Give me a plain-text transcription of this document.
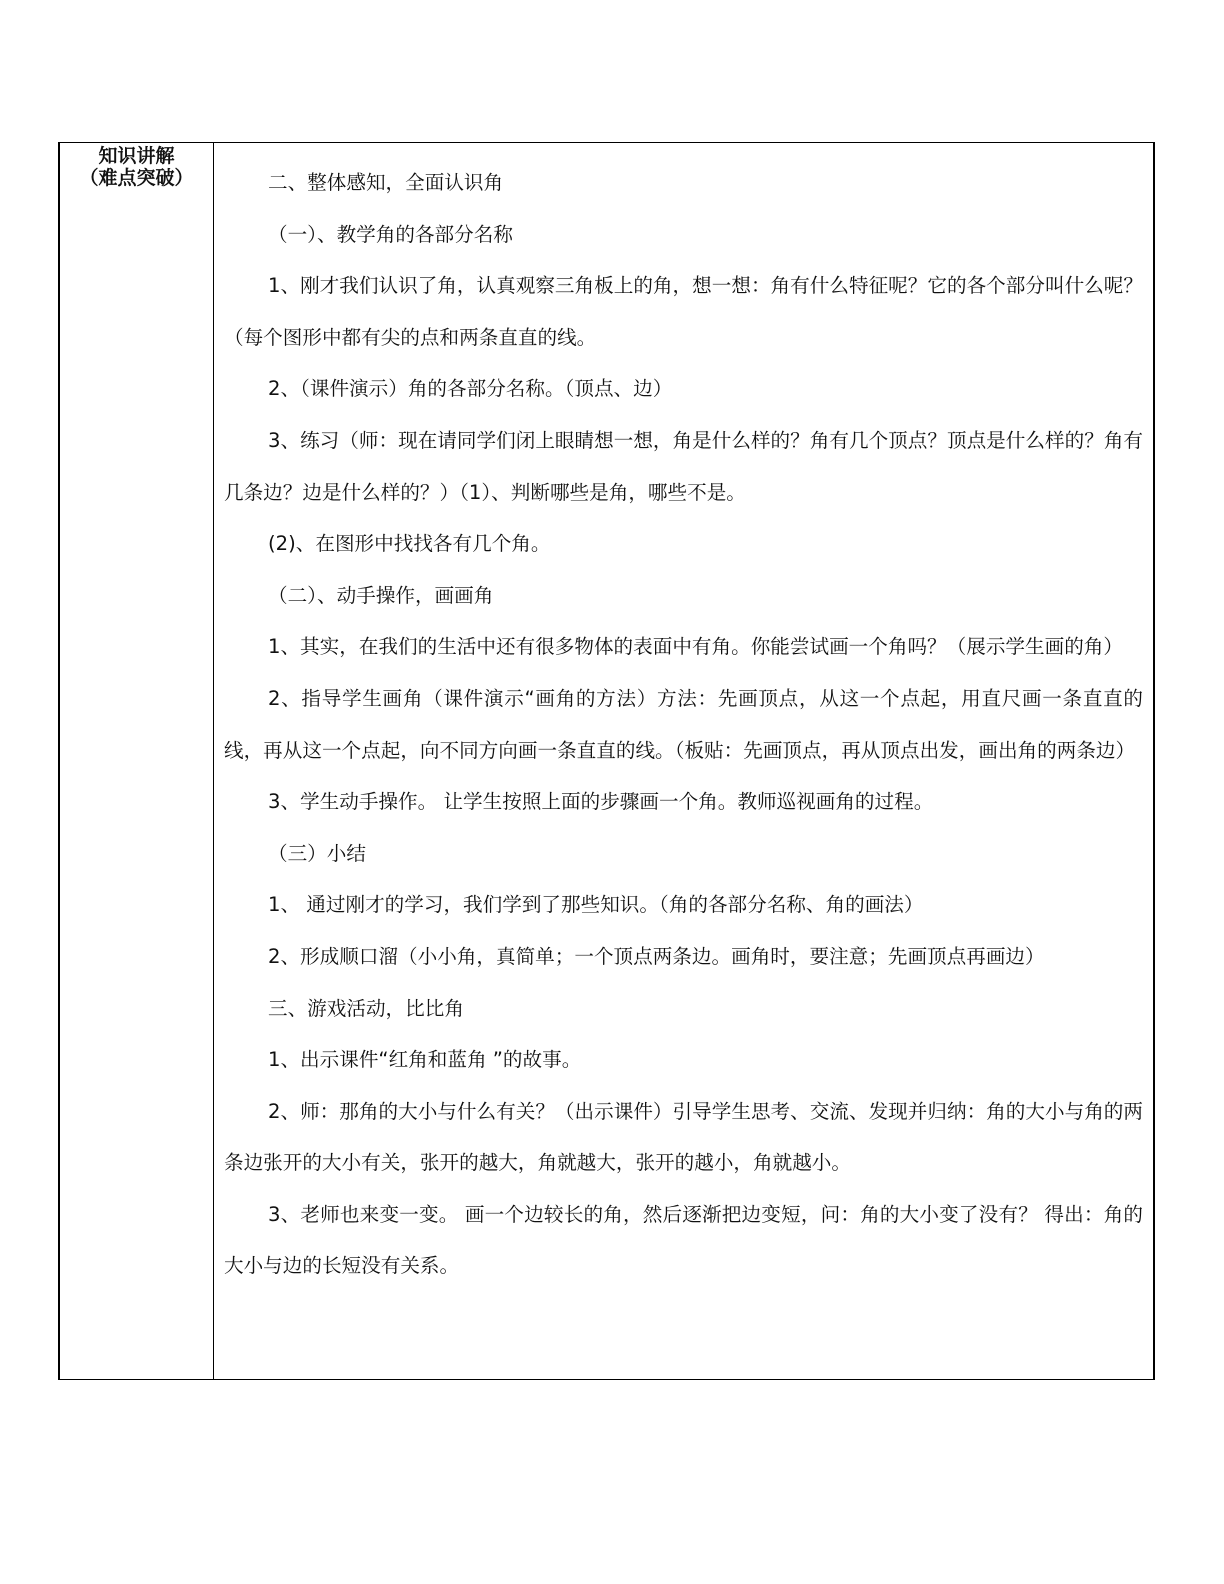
知识讲解
（难点突破）	二、整体感知，全面认识角

（一）、教学角的各部分名称

1、刚才我们认识了角，认真观察三角板上的角，想一想：角有什么特征呢？它的各个部分叫什么呢？（每个图形中都有尖的点和两条直直的线。

2、（课件演示）角的各部分名称。（顶点、边）

3、练习（师：现在请同学们闭上眼睛想一想，角是什么样的？角有几个顶点？顶点是什么样的？角有几条边？边是什么样的？）（1）、判断哪些是角，哪些不是。

(2)、在图形中找找各有几个角。

（二）、动手操作，画画角

1、其实，在我们的生活中还有很多物体的表面中有角。你能尝试画一个角吗？（展示学生画的角）

2、指导学生画角（课件演示“画角的方法）方法：先画顶点，从这一个点起，用直尺画一条直直的线，再从这一个点起，向不同方向画一条直直的线。（板贴：先画顶点，再从顶点出发，画出角的两条边）

3、学生动手操作。 让学生按照上面的步骤画一个角。教师巡视画角的过程。

（三）小结

1、 通过刚才的学习，我们学到了那些知识。（角的各部分名称、角的画法）

2、形成顺口溜（小小角，真简单；一个顶点两条边。画角时，要注意；先画顶点再画边）

三、游戏活动，比比角

1、出示课件“红角和蓝角 ”的故事。

2、师：那角的大小与什么有关？（出示课件）引导学生思考、交流、发现并归纳：角的大小与角的两条边张开的大小有关，张开的越大，角就越大，张开的越小，角就越小。

3、老师也来变一变。 画一个边较长的角，然后逐渐把边变短，问：角的大小变了没有？ 得出：角的大小与边的长短没有关系。
